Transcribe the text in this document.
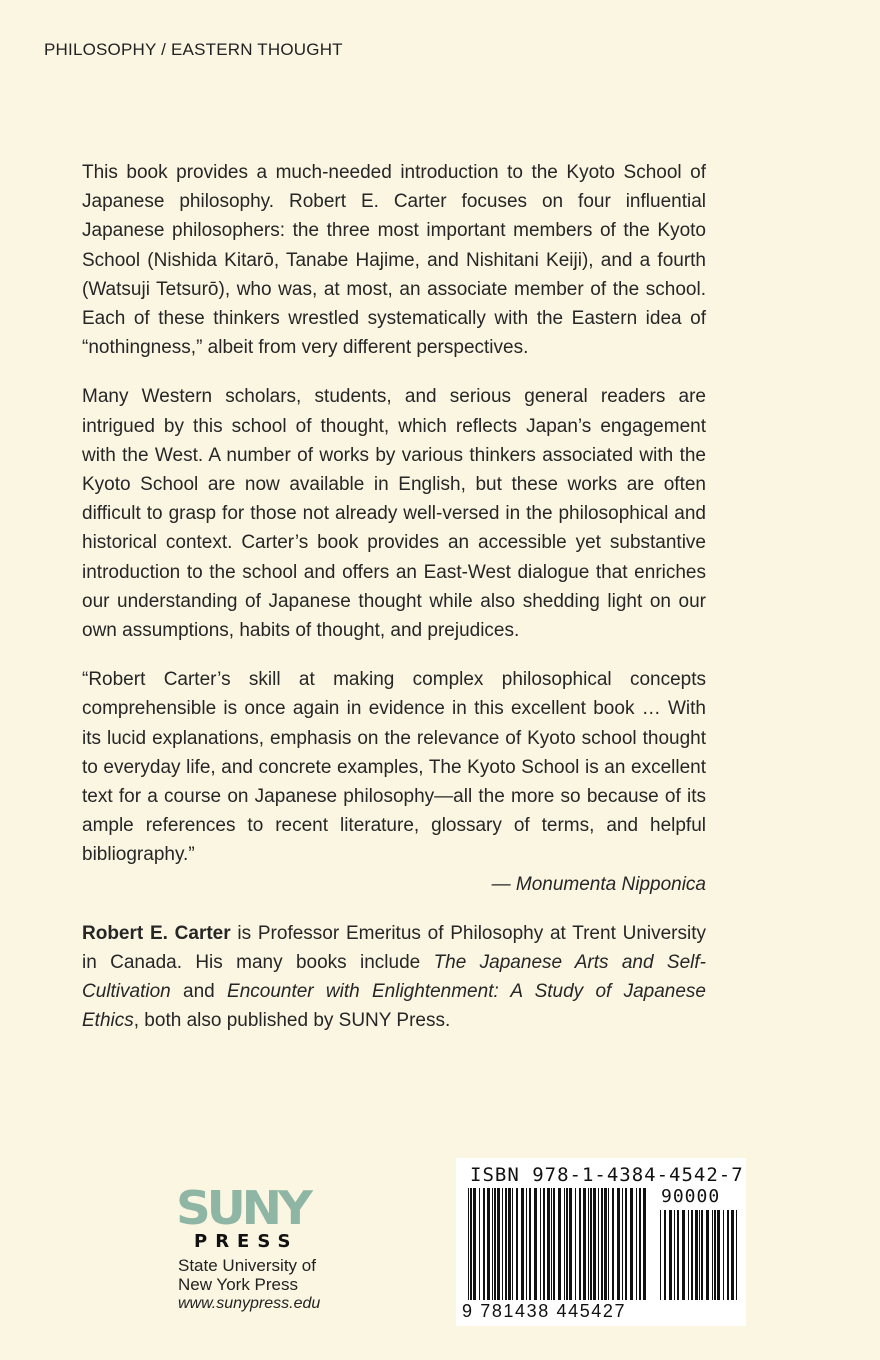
PHILOSOPHY / EASTERN THOUGHT

This book provides a much-needed introduction to the Kyoto School of Japanese philosophy. Robert E. Carter focuses on four influential Japanese philosophers: the three most important members of the Kyoto School (Nishida Kitarō, Tanabe Hajime, and Nishitani Keiji), and a fourth (Watsuji Tetsurō), who was, at most, an associate member of the school. Each of these thinkers wrestled systematically with the Eastern idea of “nothingness,” albeit from very different perspectives.

Many Western scholars, students, and serious general readers are intrigued by this school of thought, which reflects Japan’s engagement with the West. A number of works by various thinkers associated with the Kyoto School are now available in English, but these works are often difficult to grasp for those not already well-versed in the philosophical and historical context. Carter’s book provides an accessible yet substantive introduction to the school and offers an East-West dialogue that enriches our understanding of Japanese thought while also shedding light on our own assumptions, habits of thought, and prejudices.

“Robert Carter’s skill at making complex philosophical concepts comprehensible is once again in evidence in this excellent book … With its lucid explanations, emphasis on the relevance of Kyoto school thought to everyday life, and concrete examples, The Kyoto School is an excellent text for a course on Japanese philosophy—all the more so because of its ample references to recent literature, glossary of terms, and helpful bibliography.”

— Monumenta Nipponica

Robert E. Carter is Professor Emeritus of Philosophy at Trent University in Canada. His many books include The Japanese Arts and Self-Cultivation and Encounter with Enlightenment: A Study of Japanese Ethics, both also published by SUNY Press.

SUNY
PRESS
State University of
New York Press
www.sunypress.edu
ISBN 978-1-4384-4542-7
90000
9 781438 445427
